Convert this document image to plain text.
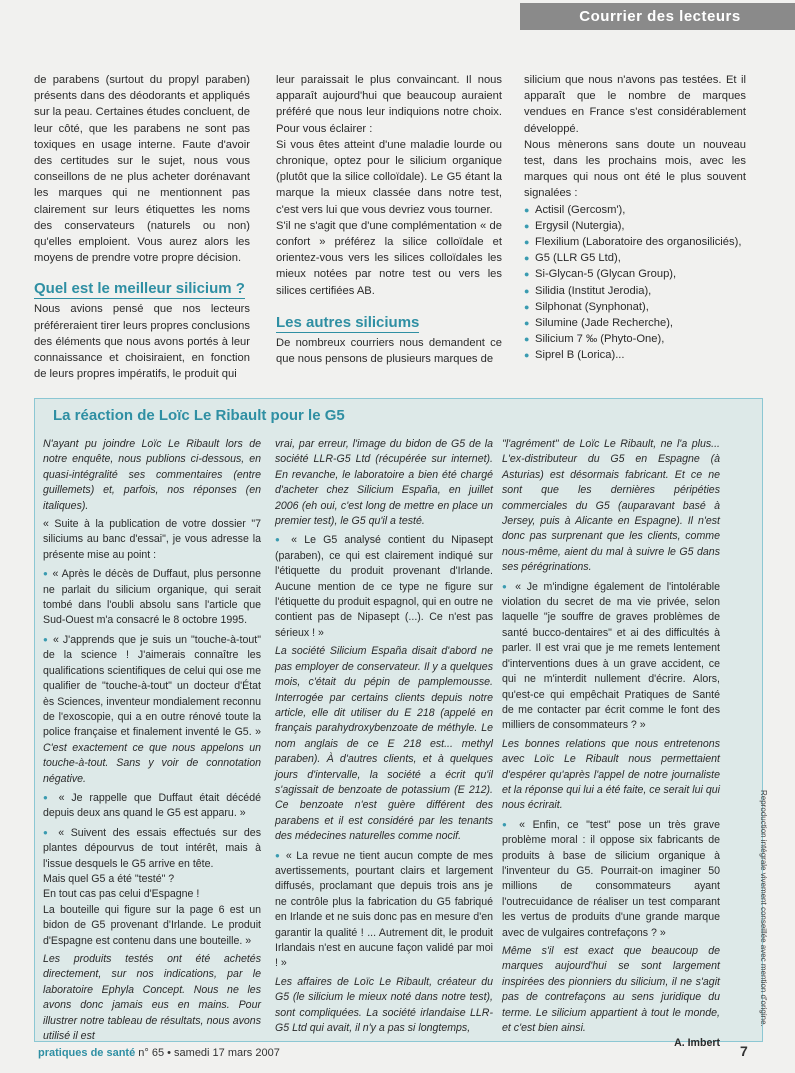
Courrier des lecteurs

de parabens (surtout du propyl paraben) présents dans des déodorants et appliqués sur la peau. Certaines études concluent, de leur côté, que les parabens ne sont pas toxiques en usage interne. Faute d'avoir des certitudes sur le sujet, nous vous conseillons de ne plus acheter dorénavant les marques qui ne mentionnent pas clairement sur leurs étiquettes les noms des conservateurs (naturels ou non) qu'elles emploient. Vous aurez alors les moyens de prendre votre propre décision.

Quel est le meilleur silicium ?

Nous avions pensé que nos lecteurs préféreraient tirer leurs propres conclusions des éléments que nous avons portés à leur connaissance et choisiraient, en fonction de leurs propres impératifs, le produit qui

leur paraissait le plus convaincant. Il nous apparaît aujourd'hui que beaucoup auraient préféré que nous leur indiquions notre choix. Pour vous éclairer :

Si vous êtes atteint d'une maladie lourde ou chronique, optez pour le silicium organique (plutôt que la silice colloïdale). Le G5 étant la marque la mieux classée dans notre test, c'est vers lui que vous devriez vous tourner.

S'il ne s'agit que d'une complémentation « de confort » préférez la silice colloïdale et orientez-vous vers les silices colloïdales les mieux notées par notre test ou vers les silices certifiées AB.

Les autres siliciums

De nombreux courriers nous demandent ce que nous pensons de plusieurs marques de

silicium que nous n'avons pas testées. Et il apparaît que le nombre de marques vendues en France s'est considérablement développé.

Nous mènerons sans doute un nouveau test, dans les prochains mois, avec les marques qui nous ont été le plus souvent signalées :

● Actisil (Gercosm'),
● Ergysil (Nutergia),
● Flexilium (Laboratoire des organosiliciés),
● G5 (LLR G5 Ltd),
● Si-Glycan-5 (Glycan Group),
● Silidia (Institut Jerodia),
● Silphonat (Synphonat),
● Silumine (Jade Recherche),
● Silicium 7 ‰ (Phyto-One),
● Siprel B (Lorica)...
La réaction de Loïc Le Ribault pour le G5

N'ayant pu joindre Loïc Le Ribault lors de notre enquête, nous publions ci-dessous, en quasi-intégralité ses commentaires (entre guillemets) et, parfois, nos réponses (en italiques).

« Suite à la publication de votre dossier "7 siliciums au banc d'essai", je vous adresse la présente mise au point :

● « Après le décès de Duffaut, plus personne ne parlait du silicium organique, qui serait tombé dans l'oubli absolu sans l'article que Sud-Ouest m'a consacré le 8 octobre 1995.

● « J'apprends que je suis un "touche-à-tout" de la science ! J'aimerais connaître les qualifications scientifiques de celui qui ose me qualifier de "touche-à-tout" un docteur d'État ès Sciences, inventeur mondialement reconnu de l'exoscopie, qui a en outre rénové toute la police française et finalement inventé le G5. » C'est exactement ce que nous appelons un touche-à-tout. Sans y voir de connotation négative.

● « Je rappelle que Duffaut était décédé depuis deux ans quand le G5 est apparu. »

● « Suivent des essais effectués sur des plantes dépourvus de tout intérêt, mais à l'issue desquels le G5 arrive en tête.

Mais quel G5 a été "testé" ?

En tout cas pas celui d'Espagne !

La bouteille qui figure sur la page 6 est un bidon de G5 provenant d'Irlande. Le produit d'Espagne est contenu dans une bouteille. »

Les produits testés ont été achetés directement, sur nos indications, par le laboratoire Ephyla Concept. Nous ne les avons donc jamais eus en mains. Pour illustrer notre tableau de résultats, nous avons utilisé il est

vrai, par erreur, l'image du bidon de G5 de la société LLR-G5 Ltd (récupérée sur internet). En revanche, le laboratoire a bien été chargé d'acheter chez Silicium España, en juillet 2006 (eh oui, c'est long de mettre en place un premier test), le G5 qu'il a testé.

● « Le G5 analysé contient du Nipasept (paraben), ce qui est clairement indiqué sur l'étiquette du produit provenant d'Irlande. Aucune mention de ce type ne figure sur l'étiquette du produit espagnol, qui en outre ne contient pas de Nipasept (...). Ce n'est pas sérieux ! »

La société Silicium España disait d'abord ne pas employer de conservateur. Il y a quelques mois, c'était du pépin de pamplemousse. Interrogée par certains clients depuis notre article, elle dit utiliser du E 218 (appelé en français parahydroxybenzoate de méthyle. Le nom anglais de ce E 218 est... methyl paraben). À d'autres clients, et à quelques jours d'intervalle, la société a écrit qu'il s'agissait de benzoate de potassium (E 212). Ce benzoate n'est guère différent des parabens et il est considéré par les tenants des médecines naturelles comme nocif.

● « La revue ne tient aucun compte de mes avertissements, pourtant clairs et largement diffusés, proclamant que depuis trois ans je ne contrôle plus la fabrication du G5 fabriqué en Irlande et ne suis donc pas en mesure d'en garantir la qualité ! ... Autrement dit, le produit Irlandais n'est en aucune façon validé par moi ! »

Les affaires de Loïc Le Ribault, créateur du G5 (le silicium le mieux noté dans notre test), sont compliquées. La société irlandaise LLR-G5 Ltd qui avait, il n'y a pas si longtemps,

"l'agrément" de Loïc Le Ribault, ne l'a plus... L'ex-distributeur du G5 en Espagne (à Asturias) est désormais fabricant. Et ce ne sont que les dernières péripéties commerciales du G5 (auparavant basé à Jersey, puis à Alicante en Espagne). Il n'est donc pas surprenant que les clients, comme nous-même, aient du mal à suivre le G5 dans ses pérégrinations.

● « Je m'indigne également de l'intolérable violation du secret de ma vie privée, selon laquelle "je souffre de graves problèmes de santé bucco-dentaires" et ai des difficultés à parler. Il est vrai que je me remets lentement d'interventions dues à un grave accident, ce qui ne m'interdit nullement d'écrire. Alors, qu'est-ce qui empêchait Pratiques de Santé de me contacter par écrit comme le font des milliers de consommateurs ? »

Les bonnes relations que nous entretenons avec Loïc Le Ribault nous permettaient d'espérer qu'après l'appel de notre journaliste et la réponse qui lui a été faite, ce serait lui qui nous écrirait.

● « Enfin, ce "test" pose un très grave problème moral : il oppose six fabricants de produits à base de silicium organique à l'inventeur du G5. Pourrait-on imaginer 50 millions de consommateurs ayant l'outrecuidance de réaliser un test comparant les vertus de produits d'une grande marque avec de vulgaires contrefaçons ? »

Même s'il est exact que beaucoup de marques aujourd'hui se sont largement inspirées des pionniers du silicium, il ne s'agit pas de contrefaçons au sens juridique du terme. Le silicium appartient à tout le monde, et c'est bien ainsi.

A. Imbert

pratiques de santé n° 65 • samedi 17 mars 2007	7
Reproduction intégrale vivement conseillée avec mention d'origine.
